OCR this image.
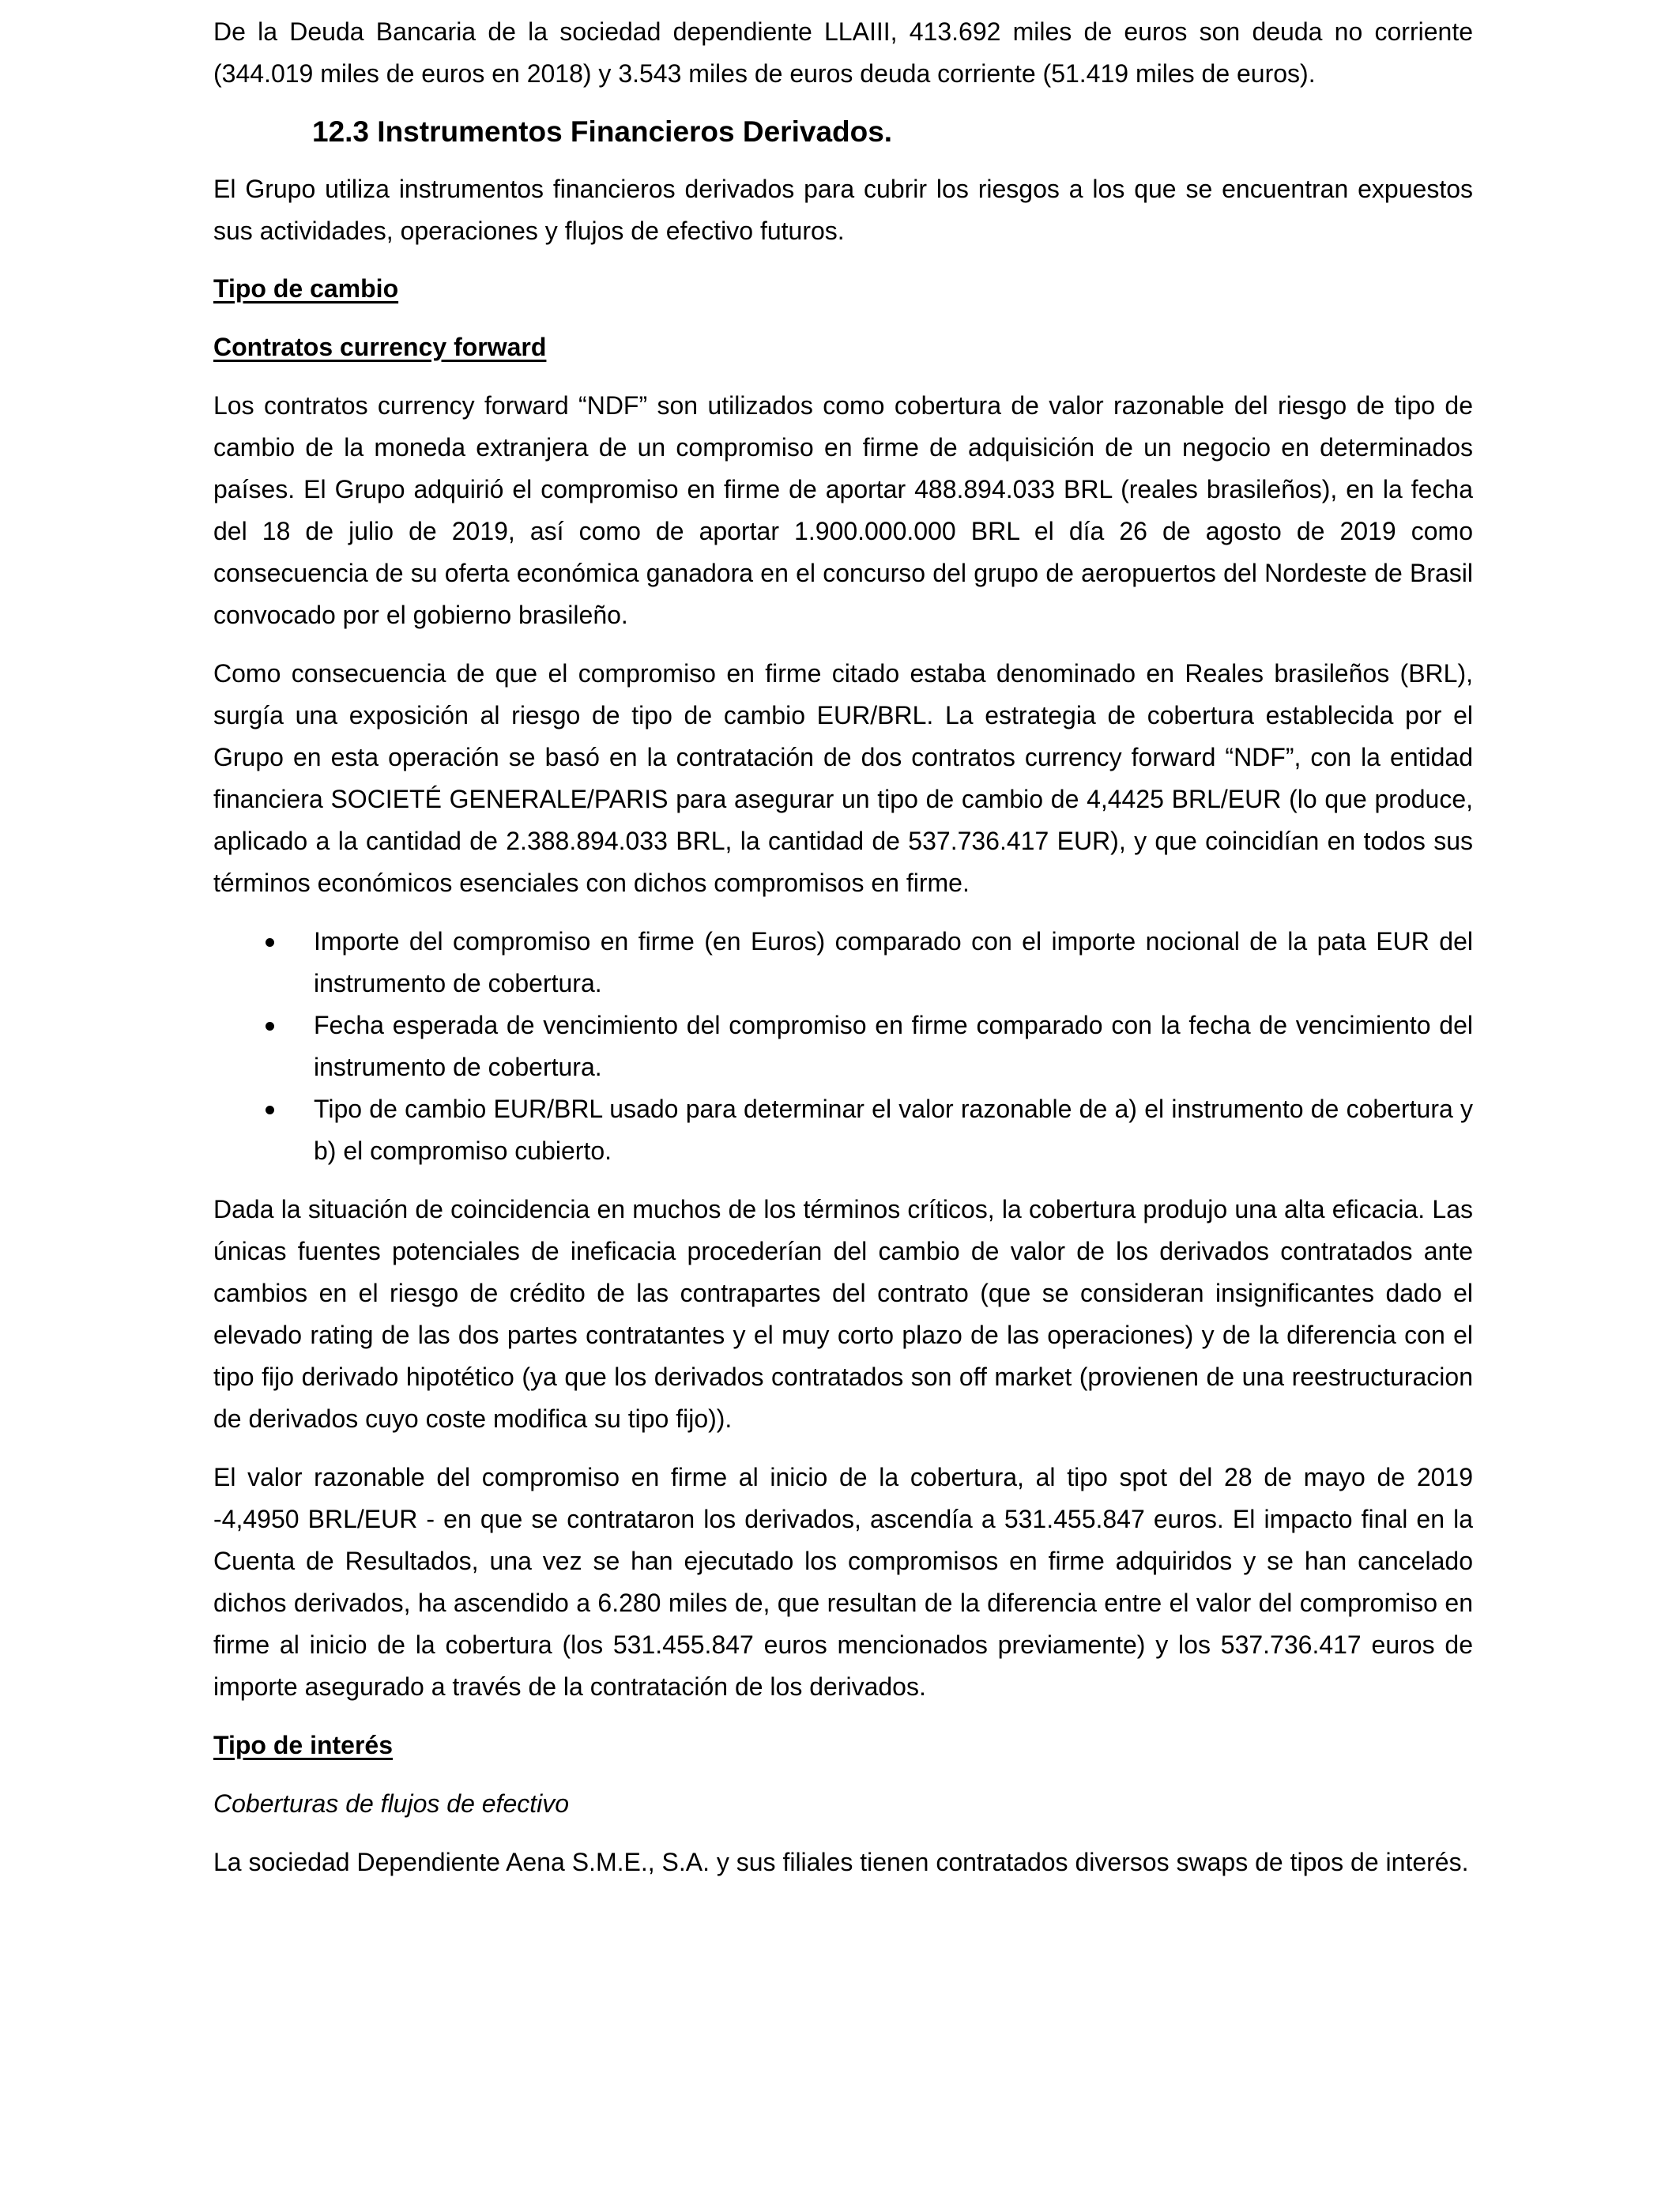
De la Deuda Bancaria de la sociedad dependiente LLAIII, 413.692 miles de euros son deuda no corriente (344.019 miles de euros en 2018) y 3.543 miles de euros deuda corriente (51.419 miles de euros).

12.3 Instrumentos Financieros Derivados.

El Grupo utiliza instrumentos financieros derivados para cubrir los riesgos a los que se encuentran expuestos sus actividades, operaciones y flujos de efectivo futuros.

Tipo de cambio
Contratos currency forward

Los contratos currency forward “NDF” son utilizados como cobertura de valor razonable del riesgo de tipo de cambio de la moneda extranjera de un compromiso en firme de adquisición de un negocio en determinados países. El Grupo adquirió el compromiso en firme de aportar 488.894.033 BRL (reales brasileños), en la fecha del 18 de julio de 2019, así como de aportar 1.900.000.000 BRL el día 26 de agosto de 2019 como consecuencia de su oferta económica ganadora en el concurso del grupo de aeropuertos del Nordeste de Brasil convocado por el gobierno brasileño.

Como consecuencia de que el compromiso en firme citado estaba denominado en Reales brasileños (BRL), surgía una exposición al riesgo de tipo de cambio EUR/BRL. La estrategia de cobertura establecida por el Grupo en esta operación se basó en la contratación de dos contratos currency forward “NDF”, con la entidad financiera SOCIETÉ GENERALE/PARIS para asegurar un tipo de cambio de 4,4425 BRL/EUR (lo que produce, aplicado a la cantidad de 2.388.894.033 BRL, la cantidad de 537.736.417 EUR), y que coincidían en todos sus términos económicos esenciales con dichos compromisos en firme.

Importe del compromiso en firme (en Euros) comparado con el importe nocional de la pata EUR del instrumento de cobertura.
Fecha esperada de vencimiento del compromiso en firme comparado con la fecha de vencimiento del instrumento de cobertura.
Tipo de cambio EUR/BRL usado para determinar el valor razonable de a) el instrumento de cobertura y b) el compromiso cubierto.

Dada la situación de coincidencia en muchos de los términos críticos, la cobertura produjo una alta eficacia. Las únicas fuentes potenciales de ineficacia procederían del cambio de valor de los derivados contratados ante cambios en el riesgo de crédito de las contrapartes del contrato (que se consideran insignificantes dado el elevado rating de las dos partes contratantes y el muy corto plazo de las operaciones) y de la diferencia con el tipo fijo derivado hipotético (ya que los derivados contratados son off market (provienen de una reestructuracion de derivados cuyo coste modifica su tipo fijo)).

El valor razonable del compromiso en firme al inicio de la cobertura, al tipo spot del 28 de mayo de 2019 -4,4950 BRL/EUR - en que se contrataron los derivados, ascendía a 531.455.847 euros. El impacto final en la Cuenta de Resultados, una vez se han ejecutado los compromisos en firme adquiridos y se han cancelado dichos derivados, ha ascendido a 6.280 miles de, que resultan de la diferencia entre el valor del compromiso en firme al inicio de la cobertura (los 531.455.847 euros mencionados previamente) y los 537.736.417 euros de importe asegurado a través de la contratación de los derivados.

Tipo de interés
Coberturas de flujos de efectivo

La sociedad Dependiente Aena S.M.E., S.A. y sus filiales tienen contratados diversos swaps de tipos de interés.
